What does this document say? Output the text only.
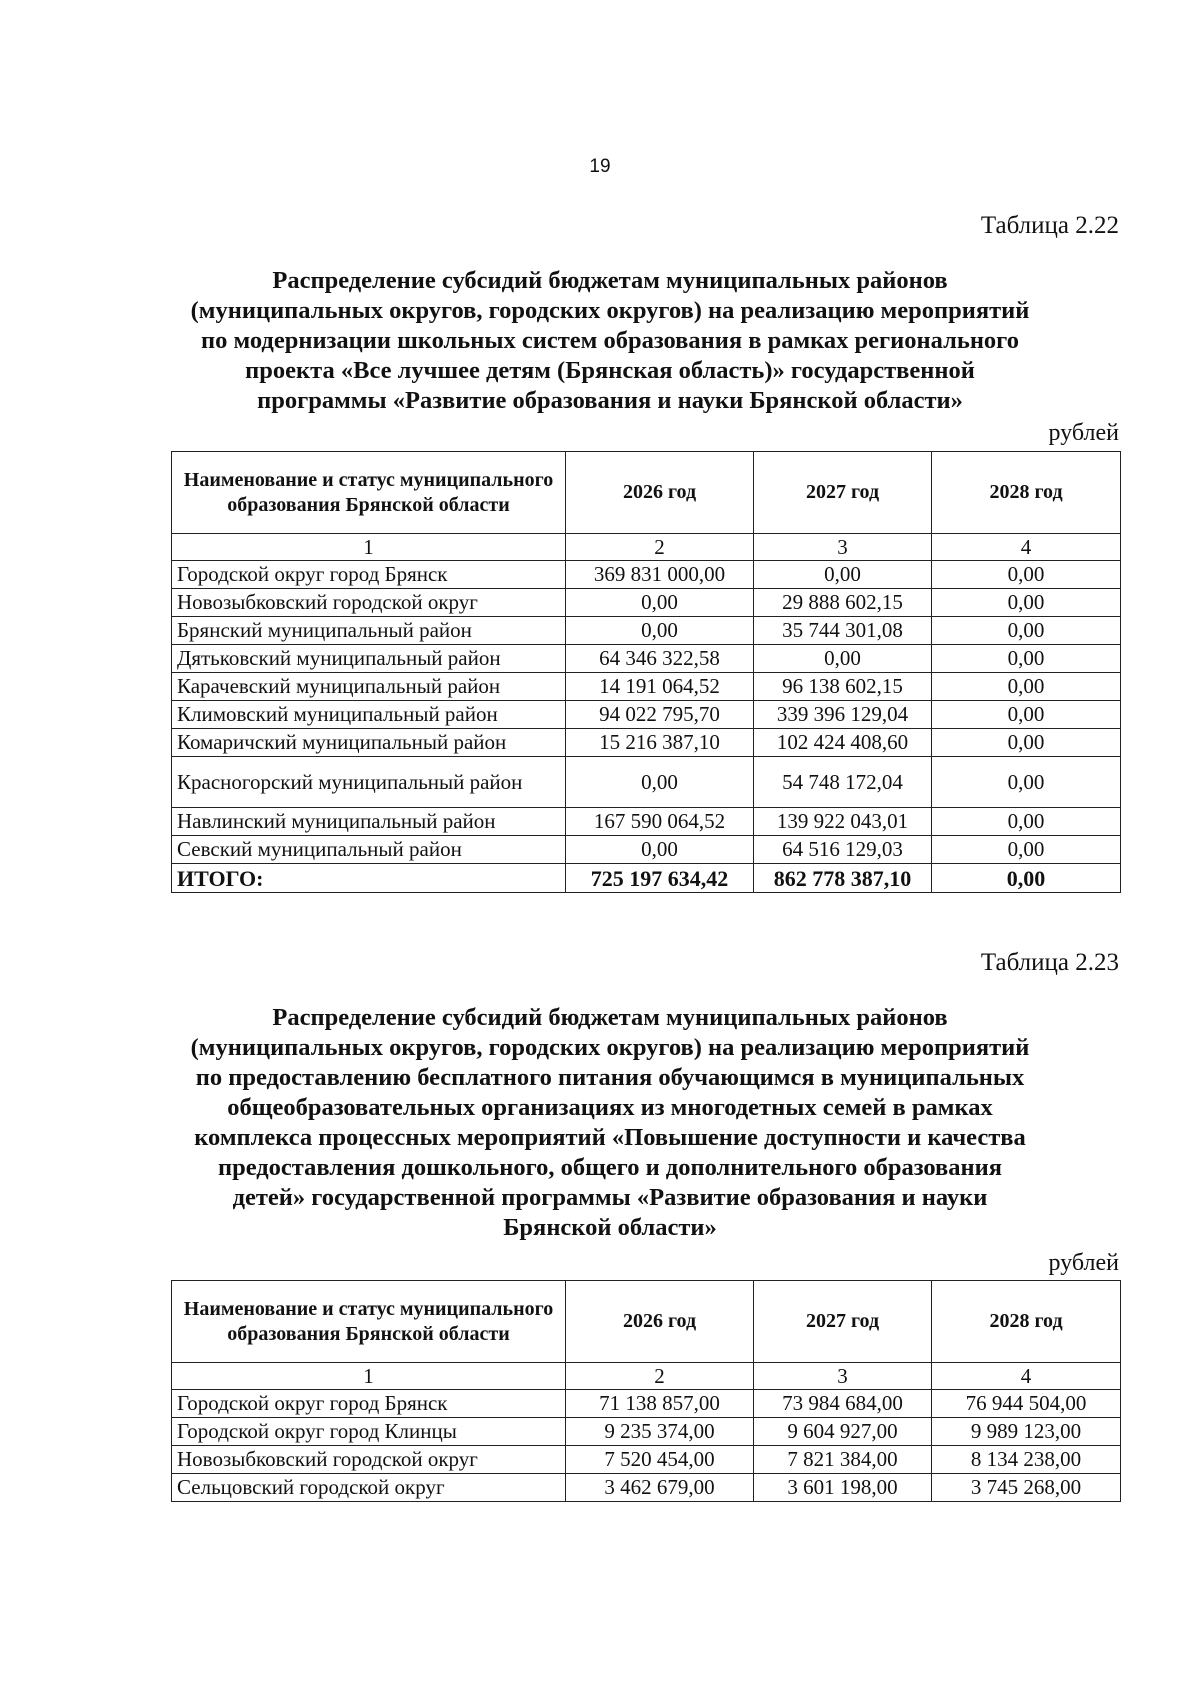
19
Таблица 2.22
Распределение субсидий бюджетам муниципальных районов
(муниципальных округов, городских округов) на реализацию мероприятий
по модернизации школьных систем образования в рамках регионального
проекта «Все лучшее детям (Брянская область)» государственной
программы «Развитие образования и науки Брянской области»
рублей
Наименование и статус муниципального образования Брянской области	2026 год	2027 год	2028 год
1	2	3	4
Городской округ город Брянск	369 831 000,00	0,00	0,00
Новозыбковский городской округ	0,00	29 888 602,15	0,00
Брянский муниципальный район	0,00	35 744 301,08	0,00
Дятьковский муниципальный район	64 346 322,58	0,00	0,00
Карачевский муниципальный район	14 191 064,52	96 138 602,15	0,00
Климовский муниципальный район	94 022 795,70	339 396 129,04	0,00
Комаричский муниципальный район	15 216 387,10	102 424 408,60	0,00
Красногорский муниципальный район	0,00	54 748 172,04	0,00
Навлинский муниципальный район	167 590 064,52	139 922 043,01	0,00
Севский муниципальный район	0,00	64 516 129,03	0,00
ИТОГО:	725 197 634,42	862 778 387,10	0,00
Таблица 2.23
Распределение субсидий бюджетам муниципальных районов
(муниципальных округов, городских округов) на реализацию мероприятий
по предоставлению бесплатного питания обучающимся в муниципальных
общеобразовательных организациях из многодетных семей в рамках
комплекса процессных мероприятий «Повышение доступности и качества
предоставления дошкольного, общего и дополнительного образования
детей» государственной программы «Развитие образования и науки
Брянской области»
рублей
Наименование и статус муниципального образования Брянской области	2026 год	2027 год	2028 год
1	2	3	4
Городской округ город Брянск	71 138 857,00	73 984 684,00	76 944 504,00
Городской округ город Клинцы	9 235 374,00	9 604 927,00	9 989 123,00
Новозыбковский городской округ	7 520 454,00	7 821 384,00	8 134 238,00
Сельцовский городской округ	3 462 679,00	3 601 198,00	3 745 268,00
